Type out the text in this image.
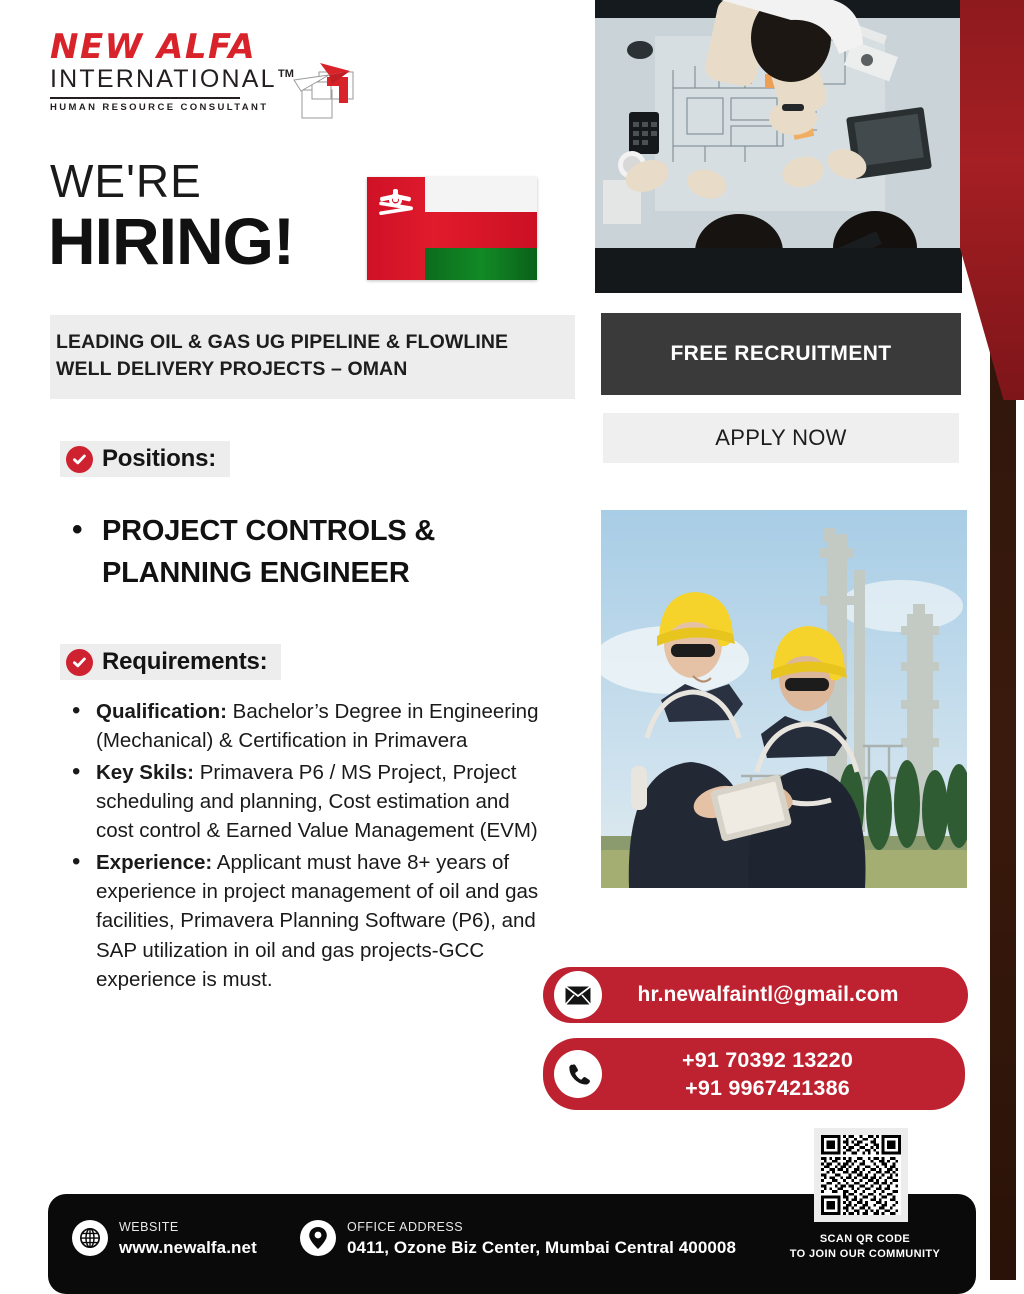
NEW ALFA
INTERNATIONAL
HUMAN RESOURCE CONSULTANT
TM
WE'RE
HIRING!
LEADING OIL & GAS UG PIPELINE & FLOWLINE
WELL DELIVERY PROJECTS – OMAN
Positions:
• PROJECT CONTROLS & PLANNING ENGINEER
Requirements:
• Qualification: Bachelor’s Degree in Engineering (Mechanical) & Certification in Primavera
• Key Skils: Primavera P6 / MS Project, Project scheduling and planning, Cost estimation and cost control & Earned Value Management (EVM)
• Experience: Applicant must have 8+ years of experience in project management of oil and gas facilities, Primavera Planning Software (P6), and SAP utilization in oil and gas projects-GCC experience is must.
FREE RECRUITMENT
APPLY NOW
hr.newalfaintl@gmail.com
+91 70392 13220
+91 9967421386
SCAN QR CODE
TO JOIN OUR COMMUNITY
WEBSITE
www.newalfa.net
OFFICE ADDRESS
0411, Ozone Biz Center, Mumbai Central 400008
